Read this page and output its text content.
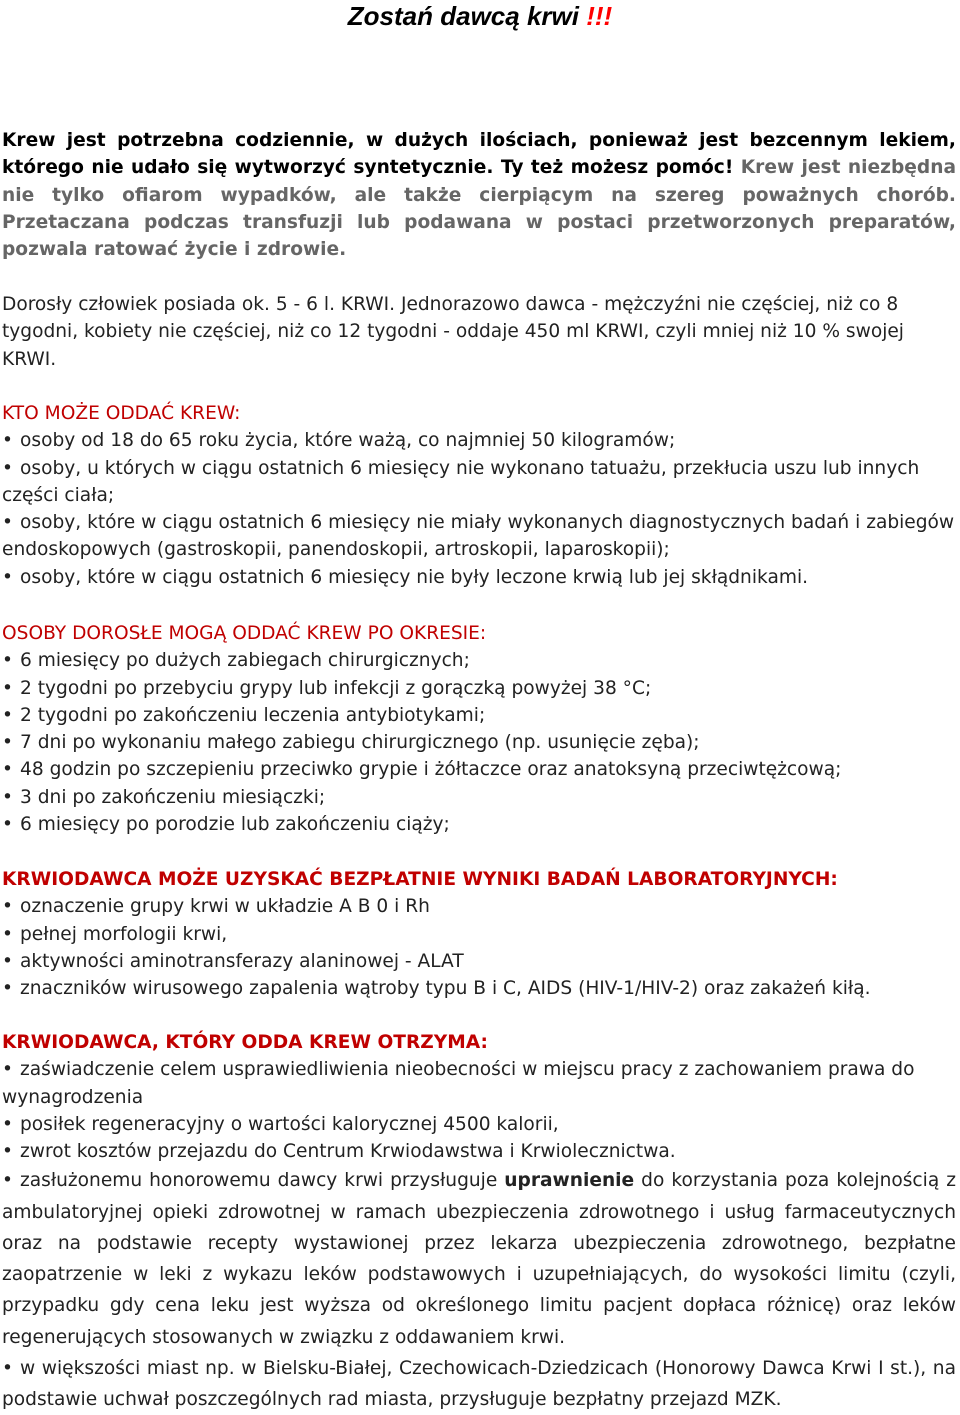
Zostań dawcą krwi !!!
Krew jest potrzebna codziennie, w dużych ilościach, ponieważ jest bezcennym lekiem, którego nie udało się wytworzyć syntetycznie. Ty też możesz pomóc! Krew jest niezbędna nie tylko ofiarom wypadków, ale także cierpiącym na szereg poważnych chorób. Przetaczana podczas transfuzji lub podawana w postaci przetworzonych preparatów, pozwala ratować życie i zdrowie.
Dorosły człowiek posiada ok. 5 - 6 l. KRWI. Jednorazowo dawca - mężczyźni nie częściej, niż co 8 tygodni, kobiety nie częściej, niż co 12 tygodni - oddaje 450 ml KRWI, czyli mniej niż 10 % swojej KRWI.

KTO MOŻE ODDAĆ KREW:

• osoby od 18 do 65 roku życia, które ważą, co najmniej 50 kilogramów;
• osoby, u których w ciągu ostatnich 6 miesięcy nie wykonano tatuażu, przekłucia uszu lub innych części ciała;
• osoby, które w ciągu ostatnich 6 miesięcy nie miały wykonanych diagnostycznych badań i zabiegów endoskopowych (gastroskopii, panendoskopii, artroskopii, laparoskopii);
• osoby, które w ciągu ostatnich 6 miesięcy nie były leczone krwią lub jej skłądnikami.

OSOBY DOROSŁE MOGĄ ODDAĆ KREW PO OKRESIE:

• 6 miesięcy po dużych zabiegach chirurgicznych;
• 2 tygodni po przebyciu grypy lub infekcji z gorączką powyżej 38 °C;
• 2 tygodni po zakończeniu leczenia antybiotykami;
• 7 dni po wykonaniu małego zabiegu chirurgicznego (np. usunięcie zęba);
• 48 godzin po szczepieniu przeciwko grypie i żółtaczce oraz anatoksyną przeciwtężcową;
• 3 dni po zakończeniu miesiączki;
• 6 miesięcy po porodzie lub zakończeniu ciąży;

KRWIODAWCA MOŻE UZYSKAĆ BEZPŁATNIE WYNIKI BADAŃ LABORATORYJNYCH:

• oznaczenie grupy krwi w układzie A B 0 i Rh
• pełnej morfologii krwi,
• aktywności aminotransferazy alaninowej - ALAT
• znaczników wirusowego zapalenia wątroby typu B i C, AIDS (HIV-1/HIV-2) oraz zakażeń kiłą.

KRWIODAWCA, KTÓRY ODDA KREW OTRZYMA:

• zaświadczenie celem usprawiedliwienia nieobecności w miejscu pracy z zachowaniem prawa do wynagrodzenia
• posiłek regeneracyjny o wartości kalorycznej 4500 kalorii,
• zwrot kosztów przejazdu do Centrum Krwiodawstwa i Krwiolecznictwa.
• zasłużonemu honorowemu dawcy krwi przysługuje uprawnienie do korzystania poza kolejnością z ambulatoryjnej opieki zdrowotnej w ramach ubezpieczenia zdrowotnego i usług farmaceutycznych oraz na podstawie recepty wystawionej przez lekarza ubezpieczenia zdrowotnego, bezpłatne zaopatrzenie w leki z wykazu leków podstawowych i uzupełniających, do wysokości limitu (czyli, przypadku gdy cena leku jest wyższa od określonego limitu pacjent dopłaca różnicę) oraz leków regenerujących stosowanych w związku z oddawaniem krwi.
• w większości miast np. w Bielsku-Białej, Czechowicach-Dziedzicach (Honorowy Dawca Krwi I st.), na podstawie uchwał poszczególnych rad miasta, przysługuje bezpłatny przejazd MZK.
